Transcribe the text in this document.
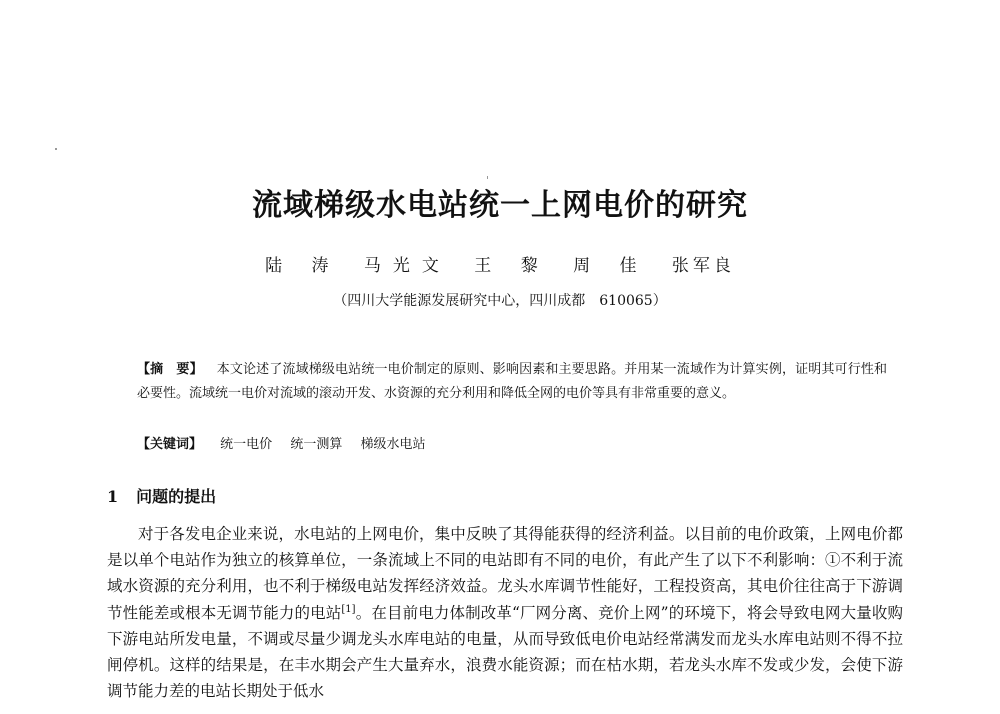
流域梯级水电站统一上网电价的研究
陆 涛 马光文 王 黎 周 佳 张军良
（四川大学能源发展研究中心，四川成都　610065）
【摘　要】 本文论述了流域梯级电站统一电价制定的原则、影响因素和主要思路。并用某一流域作为计算实例，证明其可行性和必要性。流域统一电价对流域的滚动开发、水资源的充分利用和降低全网的电价等具有非常重要的意义。
【关键词】 统一电价 统一测算 梯级水电站
1 问题的提出
对于各发电企业来说，水电站的上网电价，集中反映了其得能获得的经济利益。以目前的电价政策，上网电价都是以单个电站作为独立的核算单位，一条流域上不同的电站即有不同的电价，有此产生了以下不利影响：①不利于流域水资源的充分利用，也不利于梯级电站发挥经济效益。龙头水库调节性能好，工程投资高，其电价往往高于下游调节性能差或根本无调节能力的电站[1]。在目前电力体制改革“厂网分离、竞价上网”的环境下，将会导致电网大量收购下游电站所发电量，不调或尽量少调龙头水库电站的电量，从而导致低电价电站经常满发而龙头水库电站则不得不拉闸停机。这样的结果是，在丰水期会产生大量弃水，浪费水能资源；而在枯水期，若龙头水库不发或少发，会使下游调节能力差的电站长期处于低水
